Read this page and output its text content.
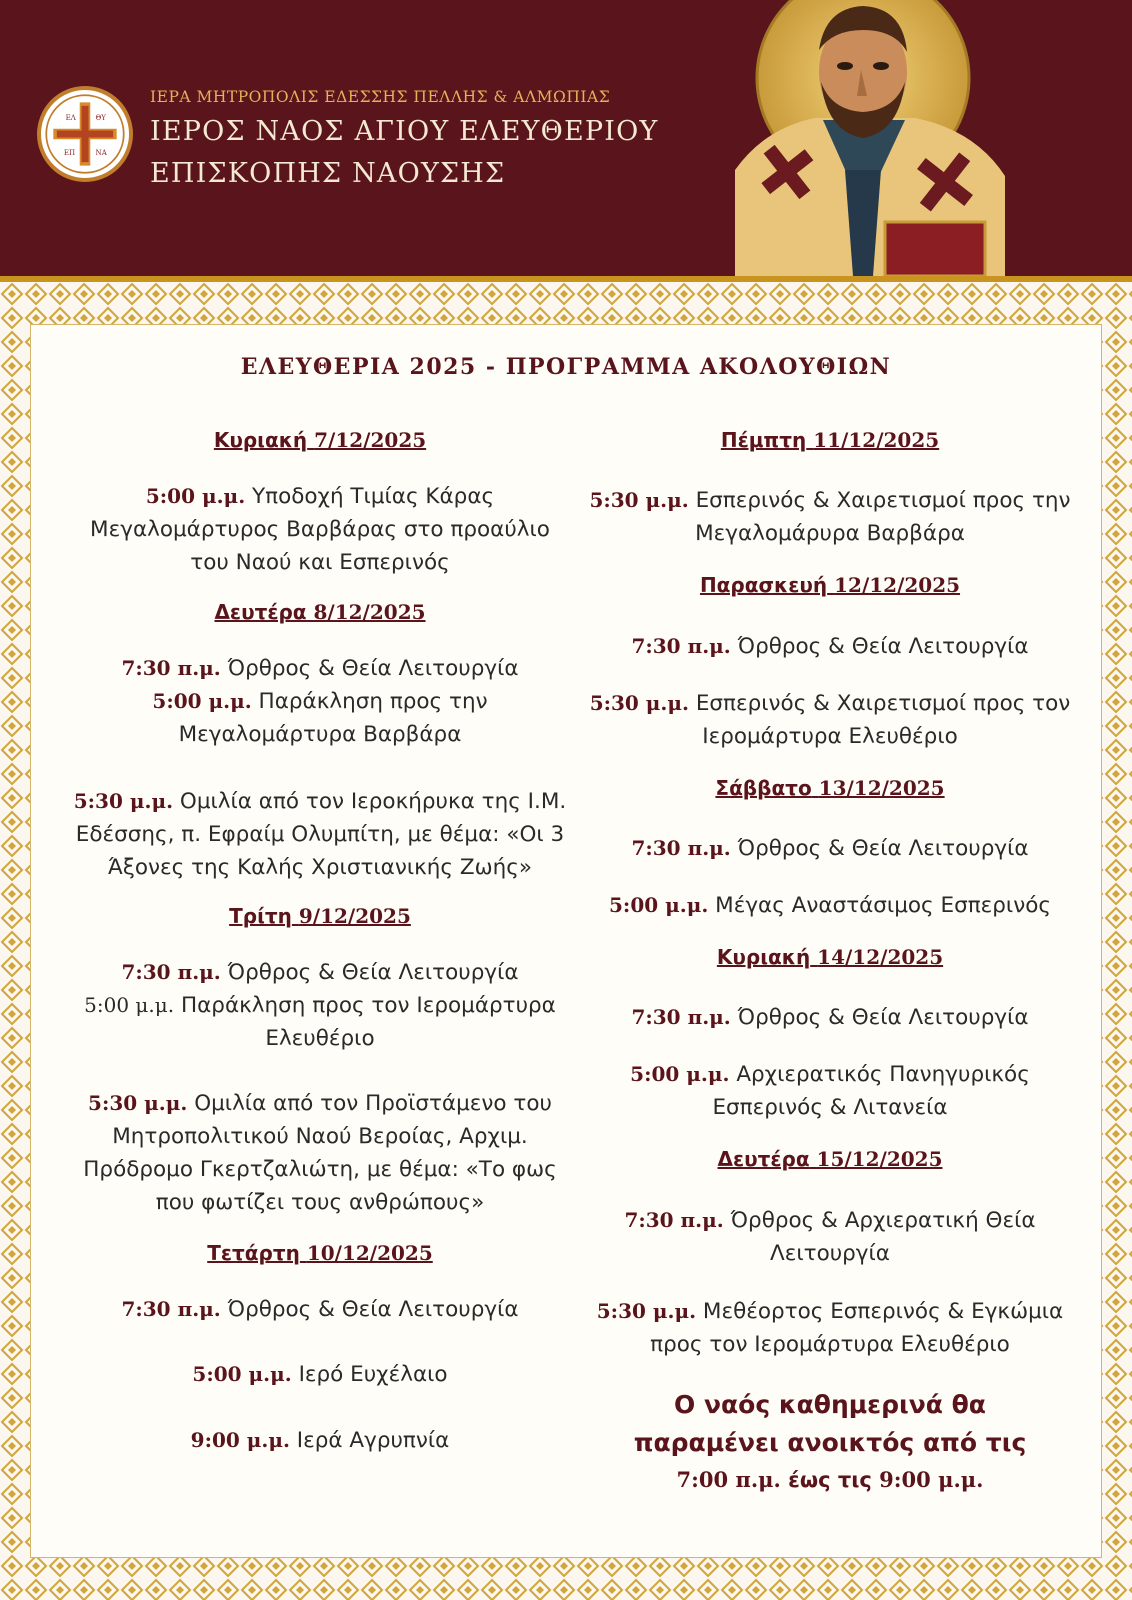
ΕΛ ΘΥ
ΕΠ	ΝΑ
ΙΕΡΑ ΜΗΤΡΟΠΟΛΙΣ ΕΔΕΣΣΗΣ ΠΕΛΛΗΣ & ΑΛΜΩΠΙΑΣ
ΙΕΡΟΣ ΝΑΟΣ ΑΓΙΟΥ ΕΛΕΥΘΕΡΙΟΥ
ΕΠΙΣΚΟΠΗΣ ΝΑΟΥΣΗΣ
ΕΛΕΥΘΕΡΙΑ 2025 - ΠΡΟΓΡΑΜΜΑ ΑΚΟΛΟΥΘΙΩΝ
Κυριακή 7/12/2025
5:00 μ.μ. Υποδοχή Τιμίας Κάρας
Μεγαλομάρτυρος Βαρβάρας στο προαύλιο
του Ναού και Εσπερινός
Δευτέρα 8/12/2025
7:30 π.μ. Όρθρος & Θεία Λειτουργία
5:00 μ.μ. Παράκληση προς την
Μεγαλομάρτυρα Βαρβάρα
5:30 μ.μ. Ομιλία από τον Ιεροκήρυκα της Ι.Μ.
Εδέσσης, π. Εφραίμ Ολυμπίτη, με θέμα: «Οι 3
Άξονες της Καλής Χριστιανικής Ζωής»
Τρίτη 9/12/2025
7:30 π.μ. Όρθρος & Θεία Λειτουργία
5:00 μ.μ. Παράκληση προς τον Ιερομάρτυρα
Ελευθέριο
5:30 μ.μ. Ομιλία από τον Προϊστάμενο του
Μητροπολιτικού Ναού Βεροίας, Αρχιμ.
Πρόδρομο Γκερτζαλιώτη, με θέμα: «Το φως
που φωτίζει τους ανθρώπους»
Τετάρτη 10/12/2025
7:30 π.μ. Όρθρος & Θεία Λειτουργία
5:00 μ.μ. Ιερό Ευχέλαιο
9:00 μ.μ. Ιερά Αγρυπνία
Πέμπτη 11/12/2025
5:30 μ.μ. Εσπερινός & Χαιρετισμοί προς την
Μεγαλομάρυρα Βαρβάρα
Παρασκευή 12/12/2025
7:30 π.μ. Όρθρος & Θεία Λειτουργία
5:30 μ.μ. Εσπερινός & Χαιρετισμοί προς τον
Ιερομάρτυρα Ελευθέριο
Σάββατο 13/12/2025
7:30 π.μ. Όρθρος & Θεία Λειτουργία
5:00 μ.μ. Μέγας Αναστάσιμος Εσπερινός
Κυριακή 14/12/2025
7:30 π.μ. Όρθρος & Θεία Λειτουργία
5:00 μ.μ. Αρχιερατικός Πανηγυρικός
Εσπερινός & Λιτανεία
Δευτέρα 15/12/2025
7:30 π.μ. Όρθρος & Αρχιερατική Θεία
Λειτουργία
5:30 μ.μ. Μεθέορτος Εσπερινός & Εγκώμια
προς τον Ιερομάρτυρα Ελευθέριο
Ο ναός καθημερινά θα
παραμένει ανοικτός από τις
7:00 π.μ. έως τις 9:00 μ.μ.
